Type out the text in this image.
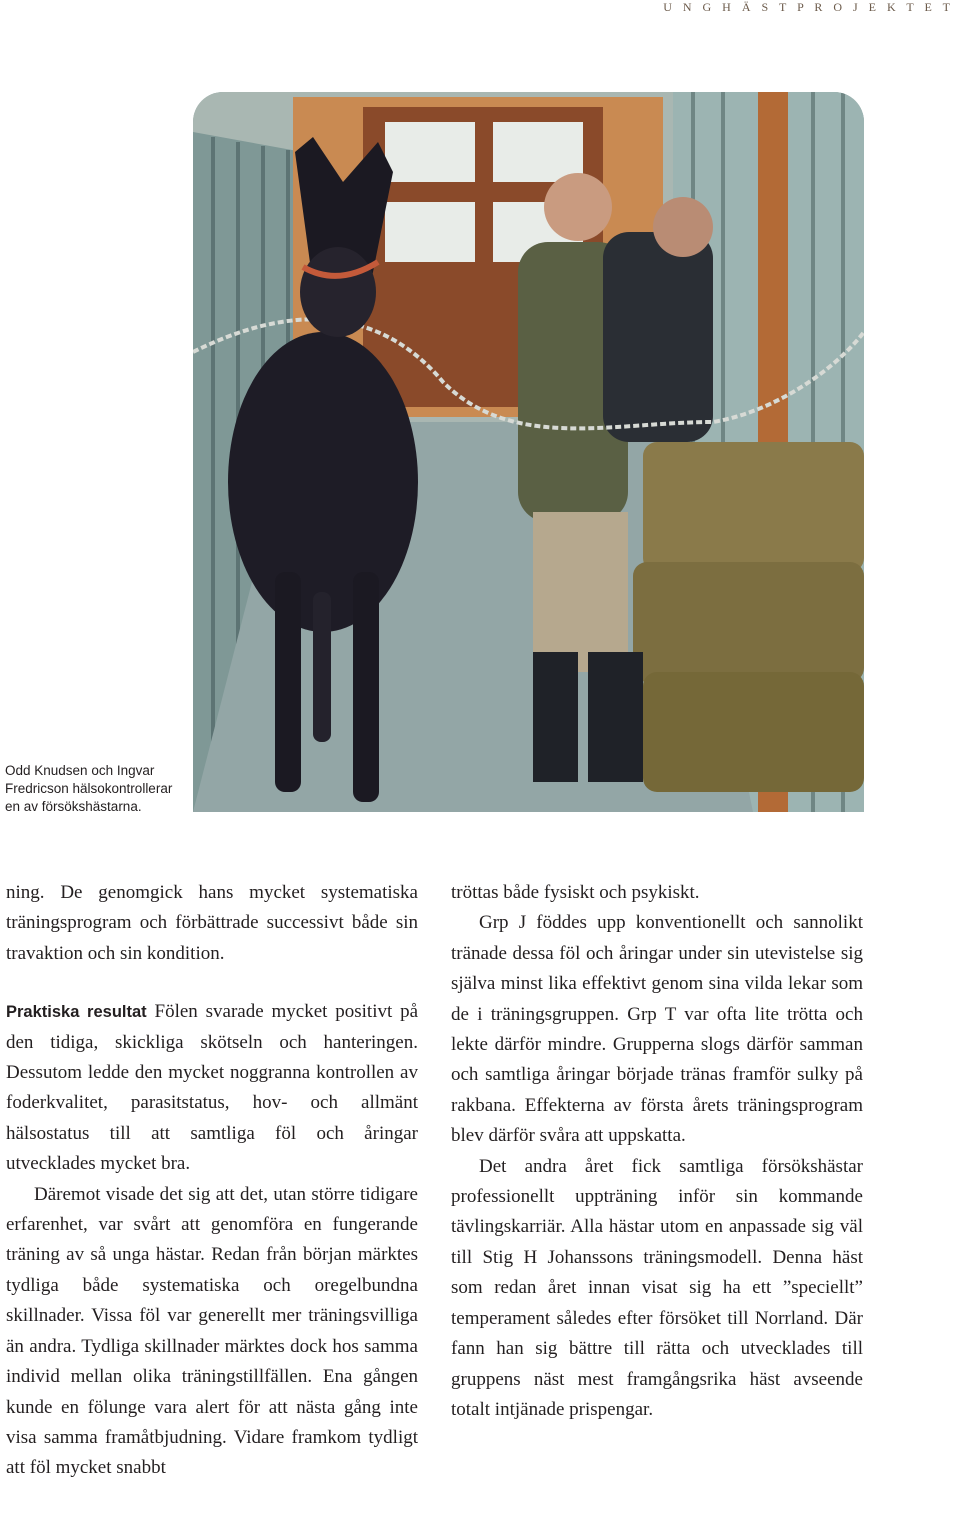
U N G H Ä S T P R O J E K T E T
Odd Knudsen och Ingvar Fredricson hälsokontrollerar en av försökshästarna.

ning. De genomgick hans mycket systematiska träningsprogram och förbättrade successivt både sin travaktion och sin kondition.

Praktiska resultat Fölen svarade mycket positivt på den tidiga, skickliga skötseln och hanteringen. Dessutom ledde den mycket noggranna kontrollen av foderkvalitet, parasitstatus, hov- och allmänt hälsostatus till att samtliga föl och åringar utvecklades mycket bra.

Däremot visade det sig att det, utan större tidigare erfarenhet, var svårt att genomföra en fungerande träning av så unga hästar. Redan från början märktes tydliga både systematiska och oregelbundna skillnader. Vissa föl var generellt mer träningsvilliga än andra. Tydliga skillnader märktes dock hos samma individ mellan olika träningstillfällen. Ena gången kunde en fölunge vara alert för att nästa gång inte visa samma framåtbjudning. Vidare framkom tydligt att föl mycket snabbt

tröttas både fysiskt och psykiskt.

Grp J föddes upp konventionellt och sannolikt tränade dessa föl och åringar under sin utevistelse sig själva minst lika effektivt genom sina vilda lekar som de i träningsgruppen. Grp T var ofta lite trötta och lekte därför mindre. Grupperna slogs därför samman och samtliga åringar började tränas framför sulky på rakbana. Effekterna av första årets träningsprogram blev därför svåra att uppskatta.

Det andra året fick samtliga försökshästar professionellt uppträning inför sin kommande tävlingskarriär. Alla hästar utom en anpassade sig väl till Stig H Johanssons träningsmodell. Denna häst som redan året innan visat sig ha ett ”speciellt” temperament således efter försöket till Norrland. Där fann han sig bättre till rätta och utvecklades till gruppens näst mest framgångsrika häst avseende totalt intjänade prispengar.
